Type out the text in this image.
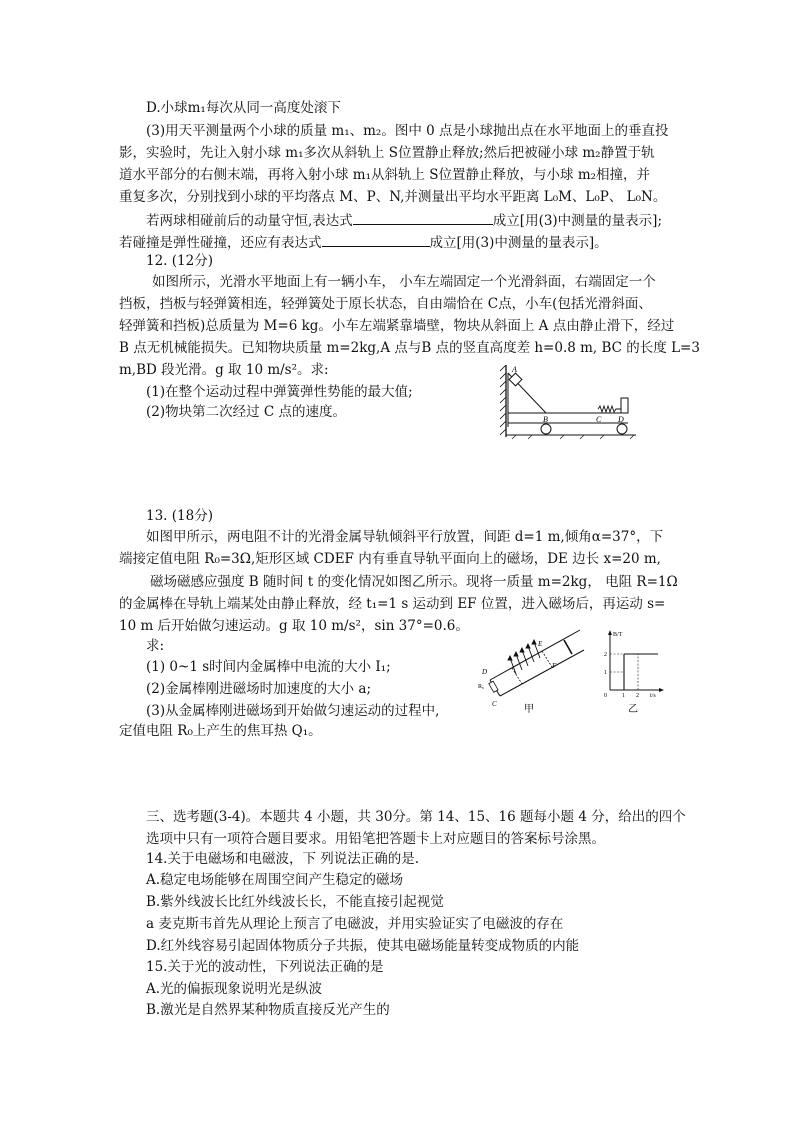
D.小球m₁每次从同一高度处滚下
(3)用天平测量两个小球的质量 m₁、m₂。图中 0 点是小球抛出点在水平地面上的垂直投
影，实验时，先让入射小球 m₁多次从斜轨上 S位置静止释放;然后把被碰小球 m₂静置于轨
道水平部分的右侧末端，再将入射小球 m₁从斜轨上 S位置静止释放，与小球 m₂相撞，并
重复多次，分别找到小球的平均落点 M、P、N,并测量出平均水平距离 L₀M、L₀P、 L₀N。
若两球相碰前后的动量守恒,表达式	成立[用(3)中测量的量表示];
若碰撞是弹性碰撞，还应有表达式	成立[用(3)中测量的量表示]。
12. (12分)
如图所示，光滑水平地面上有一辆小车， 小车左端固定一个光滑斜面，右端固定一个
挡板，挡板与轻弹簧相连，轻弹簧处于原长状态，自由端恰在 C点，小车(包括光滑斜面、
轻弹簧和挡板)总质量为 M=6 kg。小车左端紧靠墙壁，物块从斜面上 A 点由静止滑下，经过
B 点无机械能损失。已知物块质量 m=2kg,A 点与B 点的竖直高度差 h=0.8 m, BC 的长度 L=3
m,BD 段光滑。g 取 10 m/s²。求:
(1)在整个运动过程中弹簧弹性势能的最大值;
(2)物块第二次经过 C 点的速度。
A
B	C D
13. (18分)
如图甲所示，两电阻不计的光滑金属导轨倾斜平行放置，间距 d=1 m,倾角α=37°，下
端接定值电阻 R₀=3Ω,矩形区域 CDEF 内有垂直导轨平面向上的磁场，DE 边长 x=20 m,
磁场磁感应强度 B 随时间 t 的变化情况如图乙所示。现将一质量 m=2kg， 电阻 R=1Ω
的金属棒在导轨上端某处由静止释放，经 t₁=1 s 运动到 EF 位置，进入磁场后，再运动 s=
10 m 后开始做匀速运动。g 取 10 m/s²，sin 37°=0.6。
求:
(1) 0~1 s时间内金属棒中电流的大小 I₁;
(2)金属棒刚进磁场时加速度的大小 a;
(3)从金属棒刚进磁场到开始做匀速运动的过程中,
定值电阻 R₀上产生的焦耳热 Q₁。
D
E
F
C
R₀
甲
B/T
2
1
0	1 2 t/s
乙
三、选考题(3-4)。本题共 4 小题，共 30分。第 14、15、16 题每小题 4 分，给出的四个
选项中只有一项符合题目要求。用铅笔把答题卡上对应题目的答案标号涂黑。
14.关于电磁场和电磁波，下 列说法正确的是.
A.稳定电场能够在周围空间产生稳定的磁场
B.紫外线波长比红外线波长长，不能直接引起视觉
a 麦克斯韦首先从理论上预言了电磁波，并用实验证实了电磁波的存在
D.红外线容易引起固体物质分子共振，使其电磁场能量转变成物质的内能
15.关于光的波动性，下列说法正确的是
A.光的偏振现象说明光是纵波
B.激光是自然界某种物质直接反光产生的
